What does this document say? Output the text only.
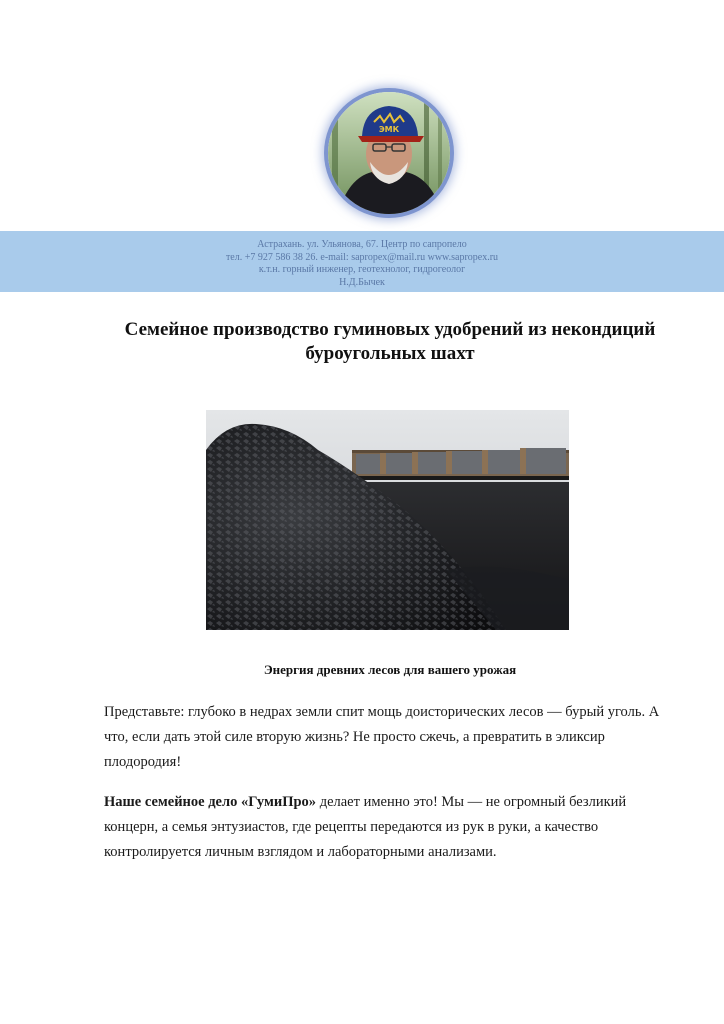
ЭМК
Астрахань. ул. Ульянова, 67. Центр по сапропело
тел. +7 927 586 38 26. e-mail: sapropex@mail.ru www.sapropex.ru
к.т.н. горный инженер, геотехнолог, гидрогеолог
Н.Д.Бычек
Семейное производство гуминовых удобрений из некондиций
буроугольных шахт
Энергия древних лесов для вашего урожая

Представьте: глубоко в недрах земли спит мощь доисторических лесов — бурый уголь. А что, если дать этой силе вторую жизнь? Не просто сжечь, а превратить в эликсир плодородия!

Наше семейное дело «ГумиПро» делает именно это! Мы — не огромный безликий концерн, а семья энтузиастов, где рецепты передаются из рук в руки, а качество контролируется личным взглядом и лабораторными анализами.
